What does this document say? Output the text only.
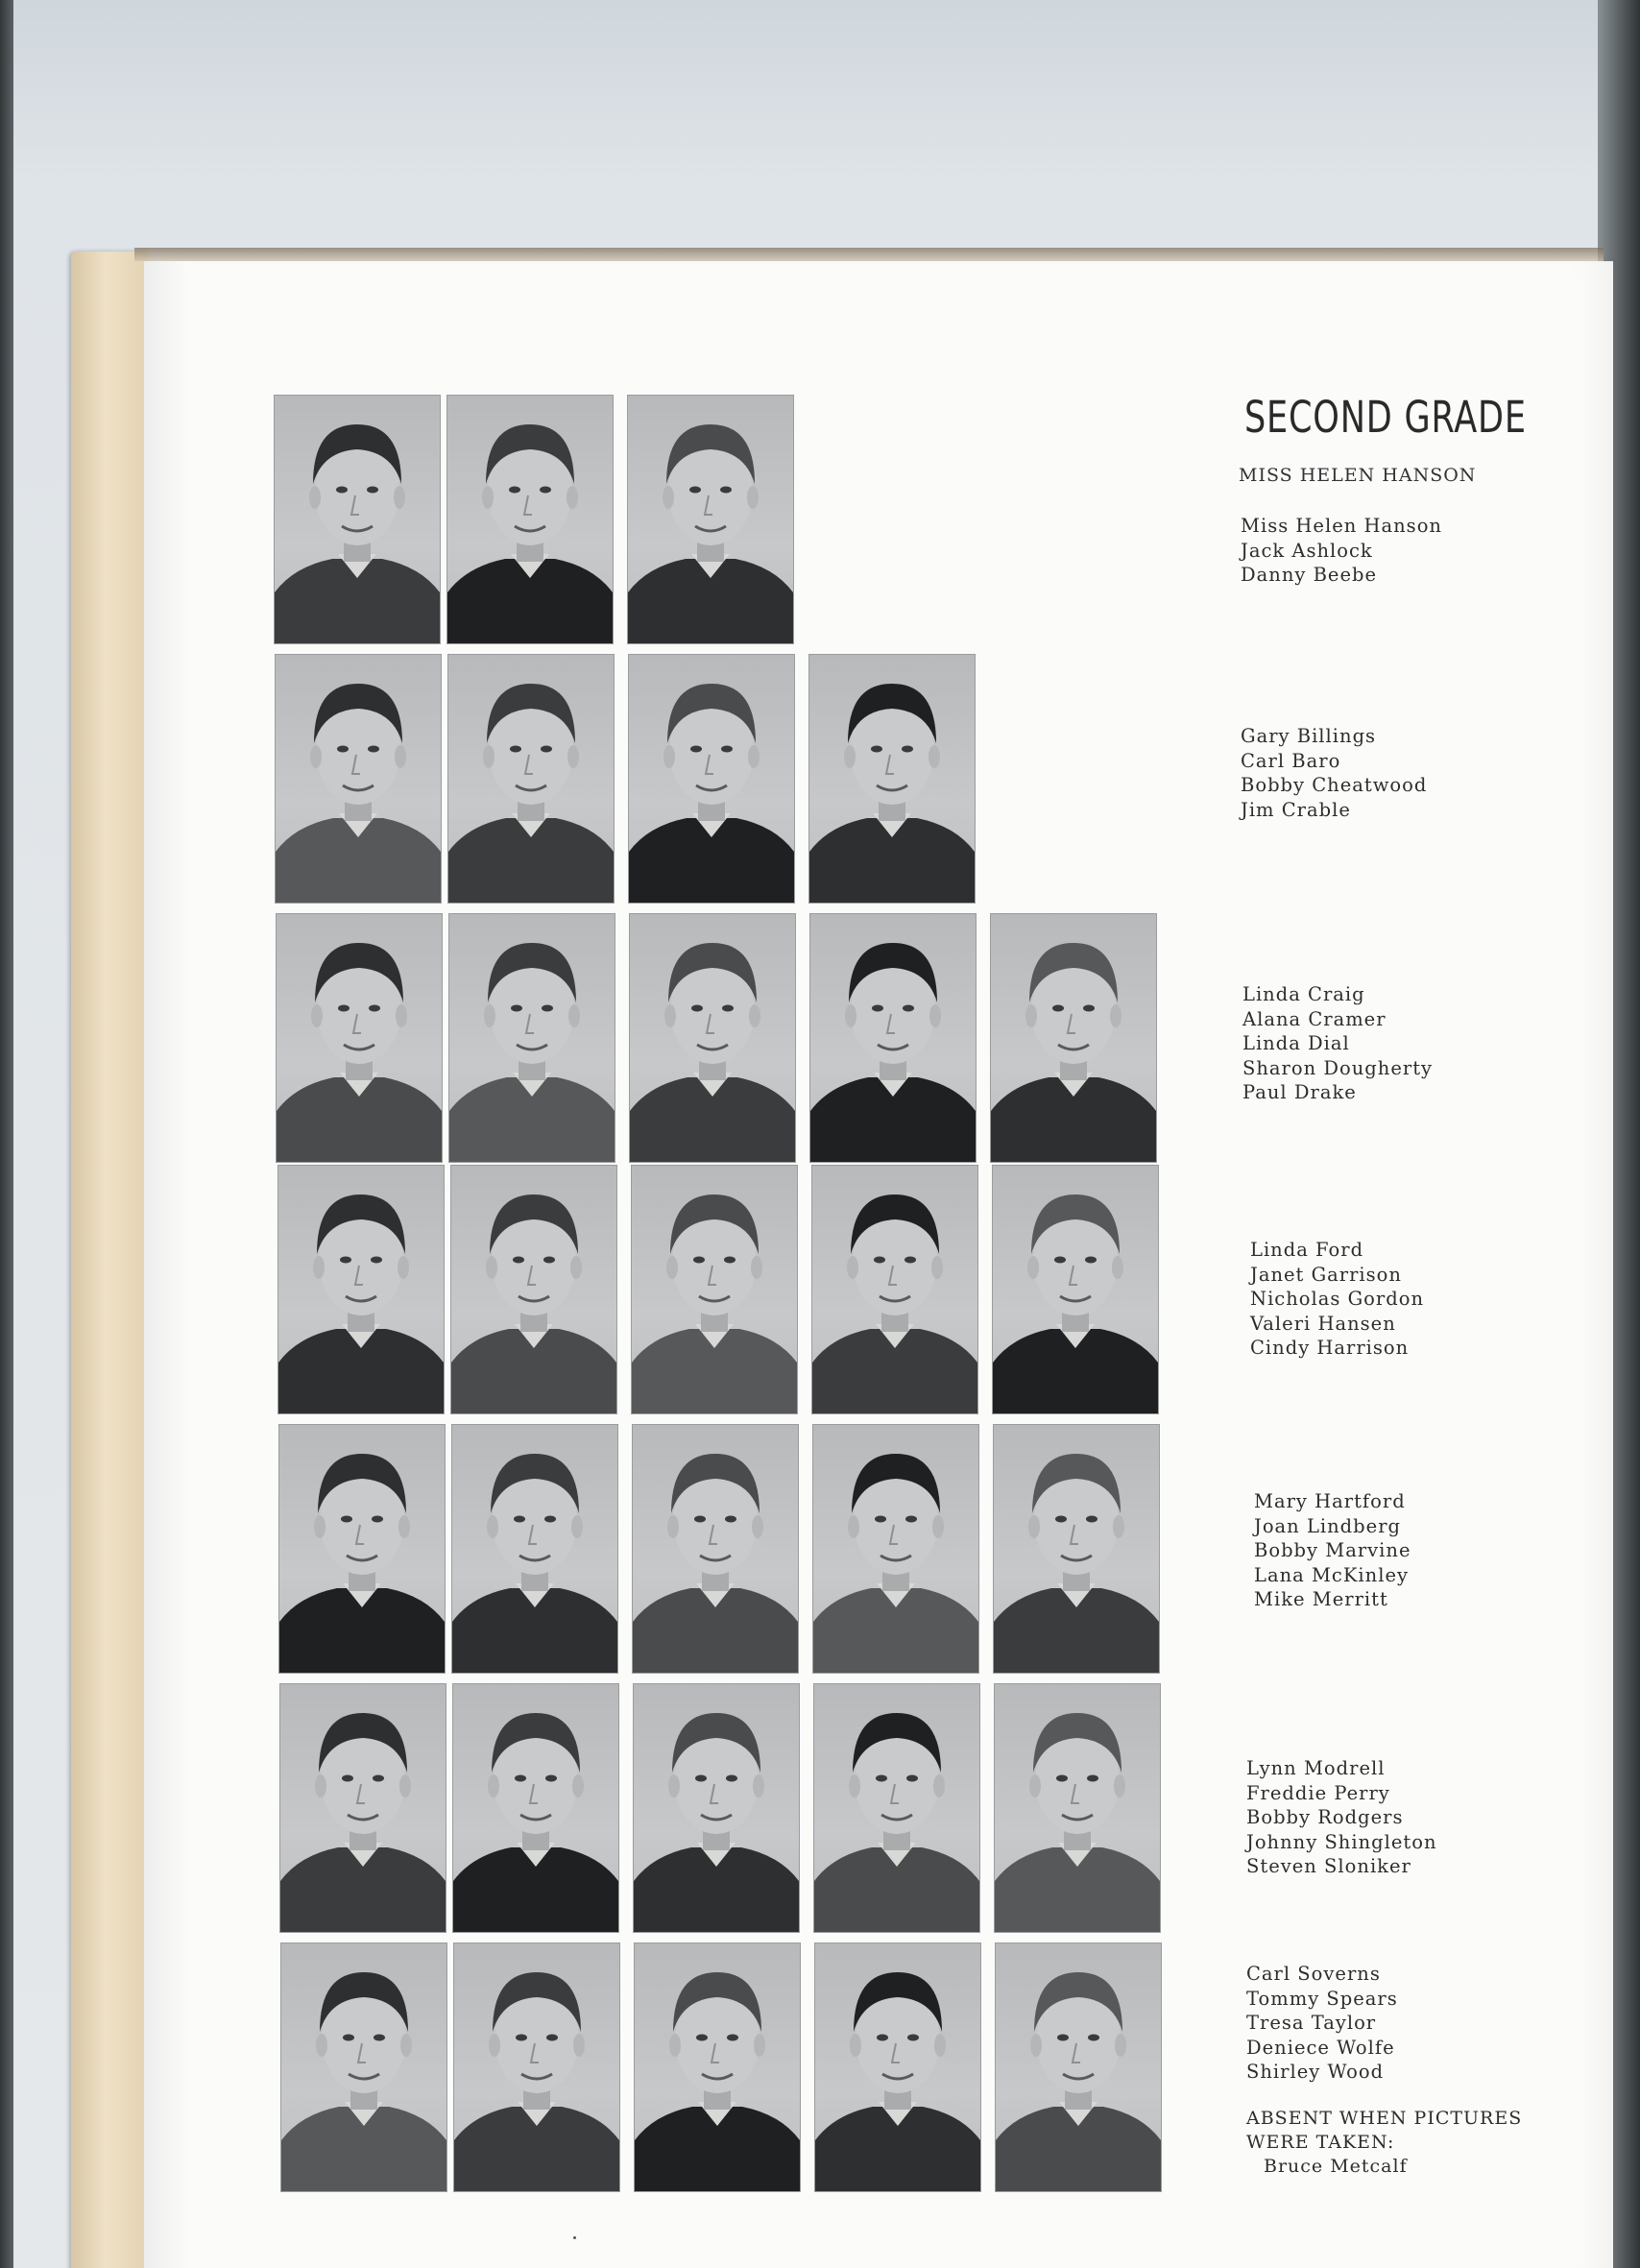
SECOND GRADE
MISS HELEN HANSON
Miss Helen Hanson
Jack Ashlock
Danny Beebe
Gary Billings
Carl Baro
Bobby Cheatwood
Jim Crable
Linda Craig
Alana Cramer
Linda Dial
Sharon Dougherty
Paul Drake
Linda Ford
Janet Garrison
Nicholas Gordon
Valeri Hansen
Cindy Harrison
Mary Hartford
Joan Lindberg
Bobby Marvine
Lana McKinley
Mike Merritt
Lynn Modrell
Freddie Perry
Bobby Rodgers
Johnny Shingleton
Steven Sloniker
Carl Soverns
Tommy Spears
Tresa Taylor
Deniece Wolfe
Shirley Wood
ABSENT WHEN PICTURES
WERE TAKEN:
Bruce Metcalf
